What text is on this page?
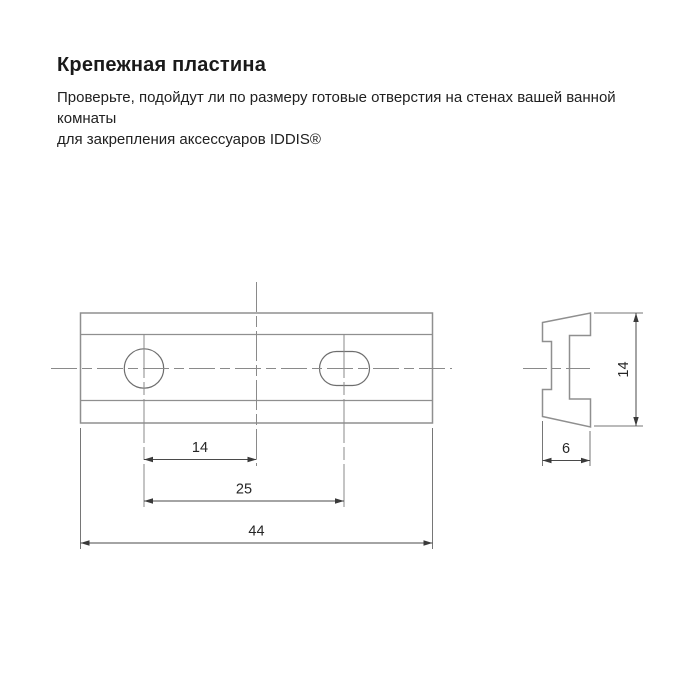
Крепежная пластина

Проверьте, подойдут ли по размеру готовые отверстия на стенах вашей ванной комнаты
для закрепления аксессуаров IDDIS®

14
25
44
14
6
